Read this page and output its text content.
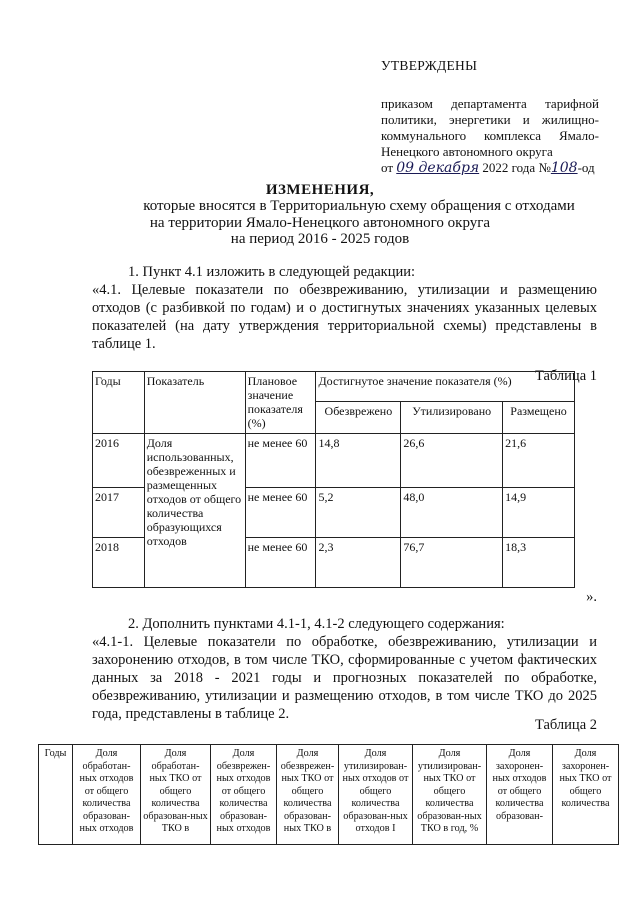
УТВЕРЖДЕНЫ
приказом департамента тарифной политики, энергетики и жилищно-коммунального комплекса Ямало-Ненецкого автономного округа
от 09 декабря 2022 года №108-од
ИЗМЕНЕНИЯ,
которые вносятся в Территориальную схему обращения с отходами
на территории Ямало-Ненецкого автономного округа
на период 2016 - 2025 годов

1. Пункт 4.1 изложить в следующей редакции:

«4.1. Целевые показатели по обезвреживанию, утилизации и размещению отходов (с разбивкой по годам) и о достигнутых значениях указанных целевых показателей (на дату утверждения территориальной схемы) представлены в таблице 1.

Таблица 1

Годы	Показатель	Плановое значение показателя (%)	Достигнутое значение показателя (%)		
			Обезврежено	Утилизировано	Размещено
2016	Доля использованных, обезвреженных и размещенных отходов от общего количества образующихся отходов	не менее 60	14,8	26,6	21,6
2017		не менее 60	5,2	48,0	14,9
2018		не менее 60	2,3	76,7	18,3

».

2. Дополнить пунктами 4.1-1, 4.1-2 следующего содержания:

«4.1-1. Целевые показатели по обработке, обезвреживанию, утилизации и захоронению отходов, в том числе ТКО, сформированные с учетом фактических данных за 2018 - 2021 годы и прогнозных показателей по обработке, обезвреживанию, утилизации и размещению отходов, в том числе ТКО до 2025 года, представлены в таблице 2.

Таблица 2

Годы	Доля обработан-ных отходов от общего количества образован-ных отходов	Доля обработан-ных ТКО от общего количества образован-ных ТКО в	Доля обезврежен-ных отходов от общего количества образован-ных отходов	Доля обезврежен-ных ТКО от общего количества образован-ных ТКО в	Доля утилизирован-ных отходов от общего количества образован-ных отходов I	Доля утилизирован-ных ТКО от общего количества образован-ных ТКО в год, %	Доля захоронен-ных отходов от общего количества образован-	Доля захоронен-ных ТКО от общего количества
